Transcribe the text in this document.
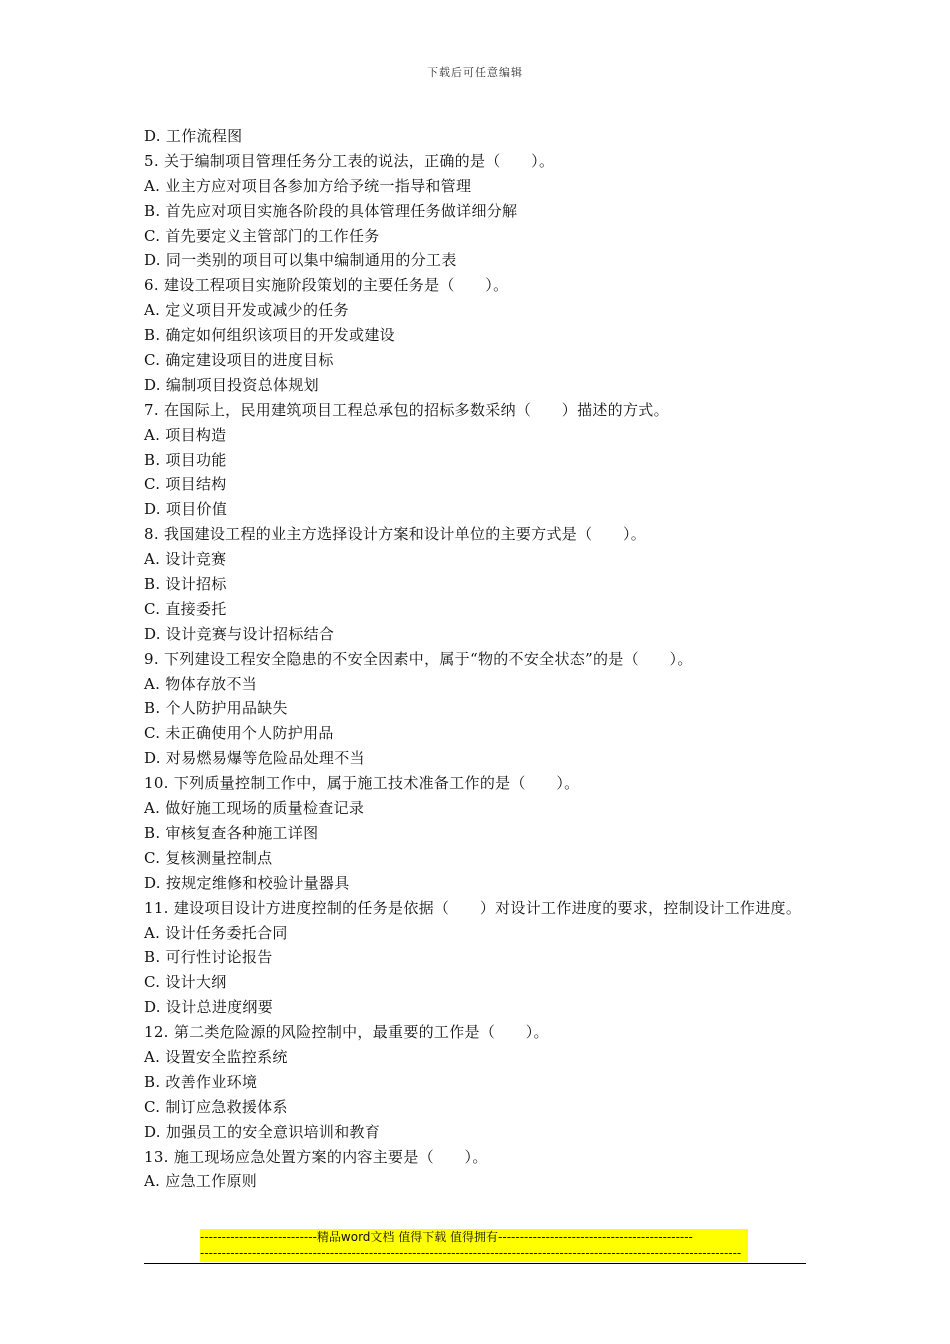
下载后可任意编辑
D. 工作流程图
5. 关于编制项目管理任务分工表的说法，正确的是（　　）。
A. 业主方应对项目各参加方给予统一指导和管理
B. 首先应对项目实施各阶段的具体管理任务做详细分解
C. 首先要定义主管部门的工作任务
D. 同一类别的项目可以集中编制通用的分工表
6. 建设工程项目实施阶段策划的主要任务是（　　）。
A. 定义项目开发或减少的任务
B. 确定如何组织该项目的开发或建设
C. 确定建设项目的进度目标
D. 编制项目投资总体规划
7. 在国际上，民用建筑项目工程总承包的招标多数采纳（　　）描述的方式。
A. 项目构造
B. 项目功能
C. 项目结构
D. 项目价值
8. 我国建设工程的业主方选择设计方案和设计单位的主要方式是（　　）。
A. 设计竞赛
B. 设计招标
C. 直接委托
D. 设计竞赛与设计招标结合
9. 下列建设工程安全隐患的不安全因素中，属于“物的不安全状态”的是（　　）。
A. 物体存放不当
B. 个人防护用品缺失
C. 未正确使用个人防护用品
D. 对易燃易爆等危险品处理不当
10. 下列质量控制工作中，属于施工技术准备工作的是（　　）。
A. 做好施工现场的质量检查记录
B. 审核复查各种施工详图
C. 复核测量控制点
D. 按规定维修和校验计量器具
11. 建设项目设计方进度控制的任务是依据（　　）对设计工作进度的要求，控制设计工作进度。
A. 设计任务委托合同
B. 可行性讨论报告
C. 设计大纲
D. 设计总进度纲要
12. 第二类危险源的风险控制中，最重要的工作是（　　）。
A. 设置安全监控系统
B. 改善作业环境
C. 制订应急救援体系
D. 加强员工的安全意识培训和教育
13. 施工现场应急处置方案的内容主要是（　　）。
A. 应急工作原则
---------------------------精品word文档 值得下载 值得拥有---------------------------------------------
-----------------------------------------------------------------------------------------------------------------------------
